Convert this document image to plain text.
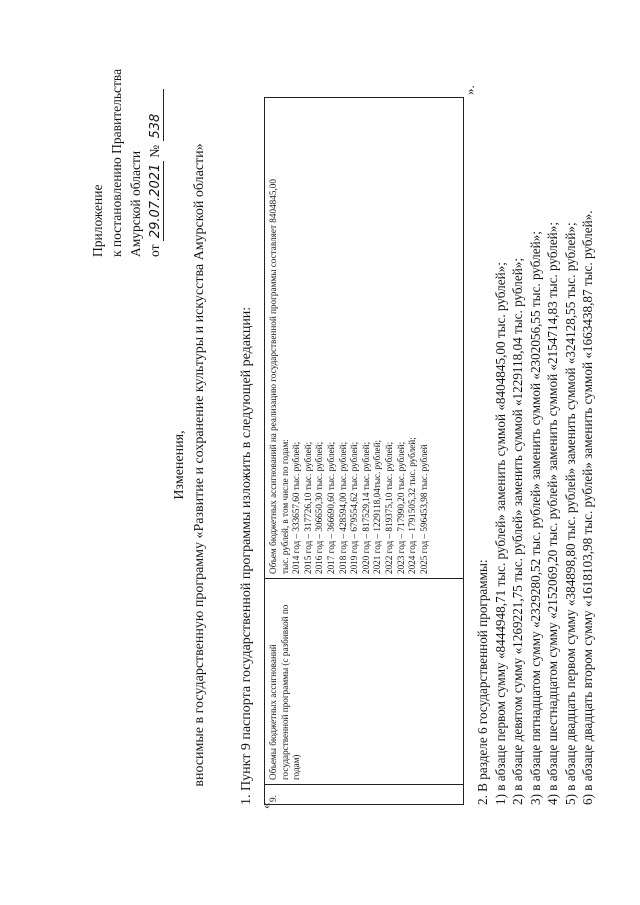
Приложение к постановлению Правительства Амурской области от 29.07.2021 № 538
Изменения, вносимые в государственную программу «Развитие и сохранение культуры и искусства Амурской области» 1. Пункт 9 паспорта государственной программы изложить в следующей редакции:
«
9.
Объемы бюджетных ассигнований государственной программы (с разбивкой по годам)
Объем бюджетных ассигнований на реализацию государственной программы составляет 8404845,00 тыс. рублей, в том числе по годам: 2014 год – 333657,60 тыс. рублей; 2015 год – 317726,10 тыс. рублей; 2016 год – 306650,30 тыс. рублей; 2017 год – 366690,60 тыс. рублей; 2018 год – 428594,00 тыс. рублей; 2019 год – 679554,62 тыс. рублей; 2020 год – 817529,14 тыс. рублей; 2021 год – 1229118,04тыс. рублей; 2022 год – 819375,10 тыс. рублей; 2023 год – 717990,20 тыс. рублей; 2024 год – 1791505,32 тыс. рублей; 2025 год – 596453,98 тыс. рублей
».
2. В разделе 6 государственной программы: 1) в абзаце первом сумму «8444948,71 тыс. рублей» заменить суммой «8404845,00 тыс. рублей»; 2) в абзаце девятом сумму «1269221,75 тыс. рублей» заменить суммой «1229118,04 тыс. рублей»; 3) в абзаце пятнадцатом сумму «2329280,52 тыс. рублей» заменить суммой «2302056,55 тыс. рублей»; 4) в абзаце шестнадцатом сумму «2152069,20 тыс. рублей» заменить суммой «2154714,83 тыс. рублей»; 5) в абзаце двадцать первом сумму «384898,80 тыс. рублей» заменить суммой «324128,55 тыс. рублей»; 6) в абзаце двадцать втором сумму «1618103,98 тыс. рублей» заменить суммой «1663438,87 тыс. рублей».
